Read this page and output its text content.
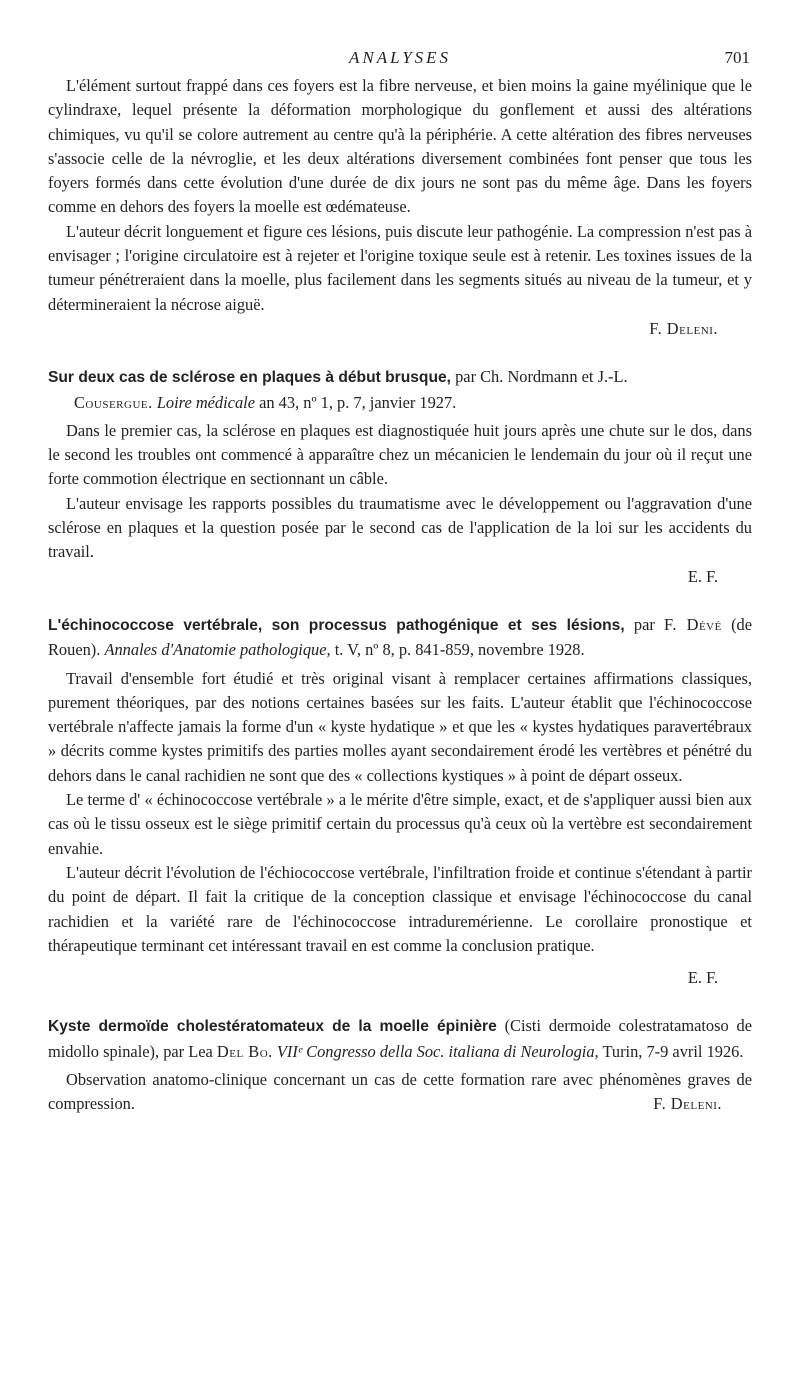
ANALYSES	701

L'élément surtout frappé dans ces foyers est la fibre nerveuse, et bien moins la gaine myélinique que le cylindraxe, lequel présente la déformation morphologique du gonflement et aussi des altérations chimiques, vu qu'il se colore autrement au centre qu'à la périphérie. A cette altération des fibres nerveuses s'associe celle de la névroglie, et les deux altérations diversement combinées font penser que tous les foyers formés dans cette évolution d'une durée de dix jours ne sont pas du même âge. Dans les foyers comme en dehors des foyers la moelle est œdémateuse.

L'auteur décrit longuement et figure ces lésions, puis discute leur pathogénie. La compression n'est pas à envisager ; l'origine circulatoire est à rejeter et l'origine toxique seule est à retenir. Les toxines issues de la tumeur pénétreraient dans la moelle, plus facilement dans les segments situés au niveau de la tumeur, et y détermineraient la nécrose aiguë.

F. Deleni.

Sur deux cas de sclérose en plaques à début brusque, par Ch. Nordmann et J.-L.

Cousergue. Loire médicale an 43, nº 1, p. 7, janvier 1927.

Dans le premier cas, la sclérose en plaques est diagnostiquée huit jours après une chute sur le dos, dans le second les troubles ont commencé à apparaître chez un mécanicien le lendemain du jour où il reçut une forte commotion électrique en sectionnant un câble.

L'auteur envisage les rapports possibles du traumatisme avec le développement ou l'aggravation d'une sclérose en plaques et la question posée par le second cas de l'application de la loi sur les accidents du travail.

E. F.

L'échinococcose vertébrale, son processus pathogénique et ses lésions, par F. Dévé (de Rouen). Annales d'Anatomie pathologique, t. V, nº 8, p. 841-859, novembre 1928.

Travail d'ensemble fort étudié et très original visant à remplacer certaines affirmations classiques, purement théoriques, par des notions certaines basées sur les faits. L'auteur établit que l'échinococcose vertébrale n'affecte jamais la forme d'un « kyste hydatique » et que les « kystes hydatiques paravertébraux » décrits comme kystes primitifs des parties molles ayant secondairement érodé les vertèbres et pénétré du dehors dans le canal rachidien ne sont que des « collections kystiques » à point de départ osseux.

Le terme d' « échinococcose vertébrale » a le mérite d'être simple, exact, et de s'appliquer aussi bien aux cas où le tissu osseux est le siège primitif certain du processus qu'à ceux où la vertèbre est secondairement envahie.

L'auteur décrit l'évolution de l'échiococcose vertébrale, l'infiltration froide et continue s'étendant à partir du point de départ. Il fait la critique de la conception classique et envisage l'échinococcose du canal rachidien et la variété rare de l'échinococcose intraduremérienne. Le corollaire pronostique et thérapeutique terminant cet intéressant travail en est comme la conclusion pratique.

E. F.

Kyste dermoïde cholestératomateux de la moelle épinière (Cisti dermoide colestratamatoso de midollo spinale), par Lea Del Bo. VIIᵉ Congresso della Soc. italiana di Neurologia, Turin, 7-9 avril 1926.

Observation anatomo-clinique concernant un cas de cette formation rare avec phénomènes graves de compression.	F. Deleni.
